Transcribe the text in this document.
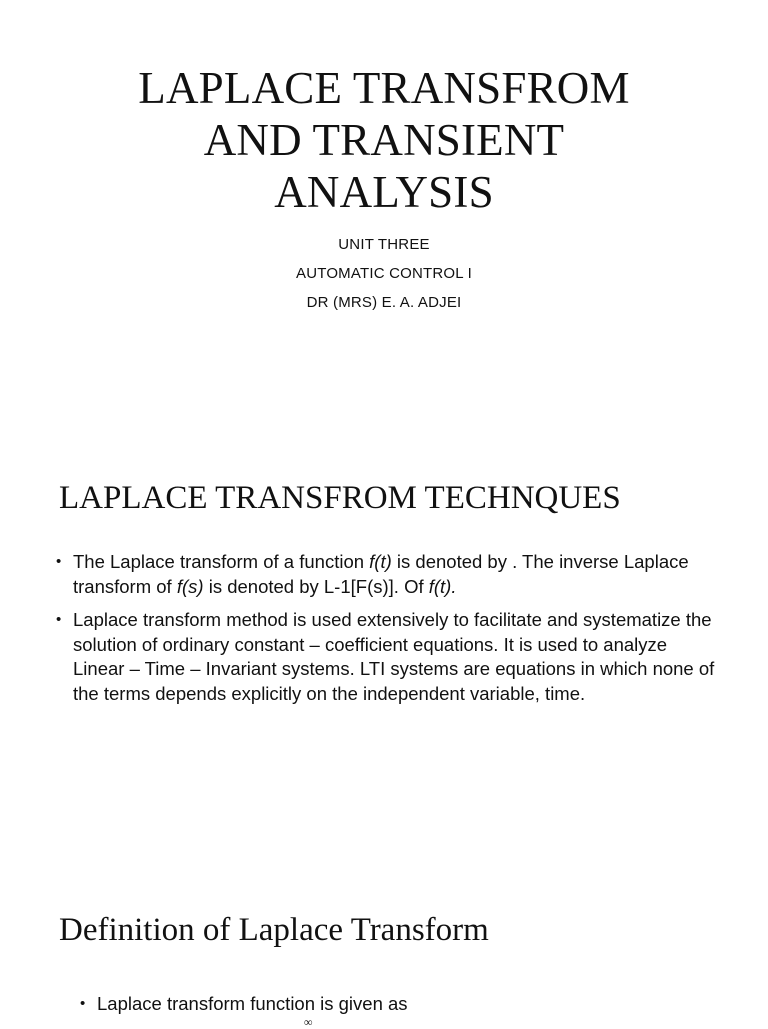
LAPLACE TRANSFROM
AND TRANSIENT
ANALYSIS
UNIT THREE
AUTOMATIC CONTROL I
DR (MRS) E. A. ADJEI
LAPLACE TRANSFROM TECHNQUES
• The Laplace transform of a function f(t) is denoted by . The inverse Laplace transform of f(s) is denoted by L-1[F(s)]. Of f(t).
• Laplace transform method is used extensively to facilitate and systematize the solution of ordinary constant – coefficient equations. It is used to analyze Linear – Time – Invariant systems. LTI systems are equations in which none of the terms depends explicitly on the independent variable, time.
Definition of Laplace Transform
• Laplace transform function is given as
∞
